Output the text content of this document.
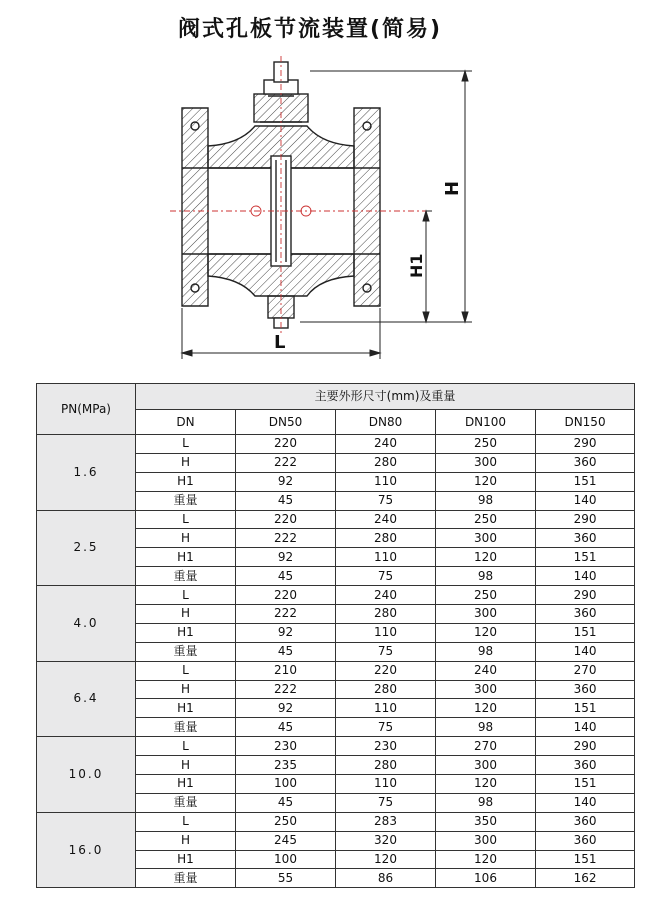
阀式孔板节流装置(简易)
H
H1
L
PN(MPa)	主要外形尺寸(mm)及重量				
	DN	DN50	DN80	DN100	DN150
1.6	L	220	240	250	290
	H	222	280	300	360
	H1	92	110	120	151
	重量	45	75	98	140
2.5	L	220	240	250	290
	H	222	280	300	360
	H1	92	110	120	151
	重量	45	75	98	140
4.0	L	220	240	250	290
	H	222	280	300	360
	H1	92	110	120	151
	重量	45	75	98	140
6.4	L	210	220	240	270
	H	222	280	300	360
	H1	92	110	120	151
	重量	45	75	98	140
10.0	L	230	230	270	290
	H	235	280	300	360
	H1	100	110	120	151
	重量	45	75	98	140
16.0	L	250	283	350	360
	H	245	320	300	360
	H1	100	120	120	151
	重量	55	86	106	162
